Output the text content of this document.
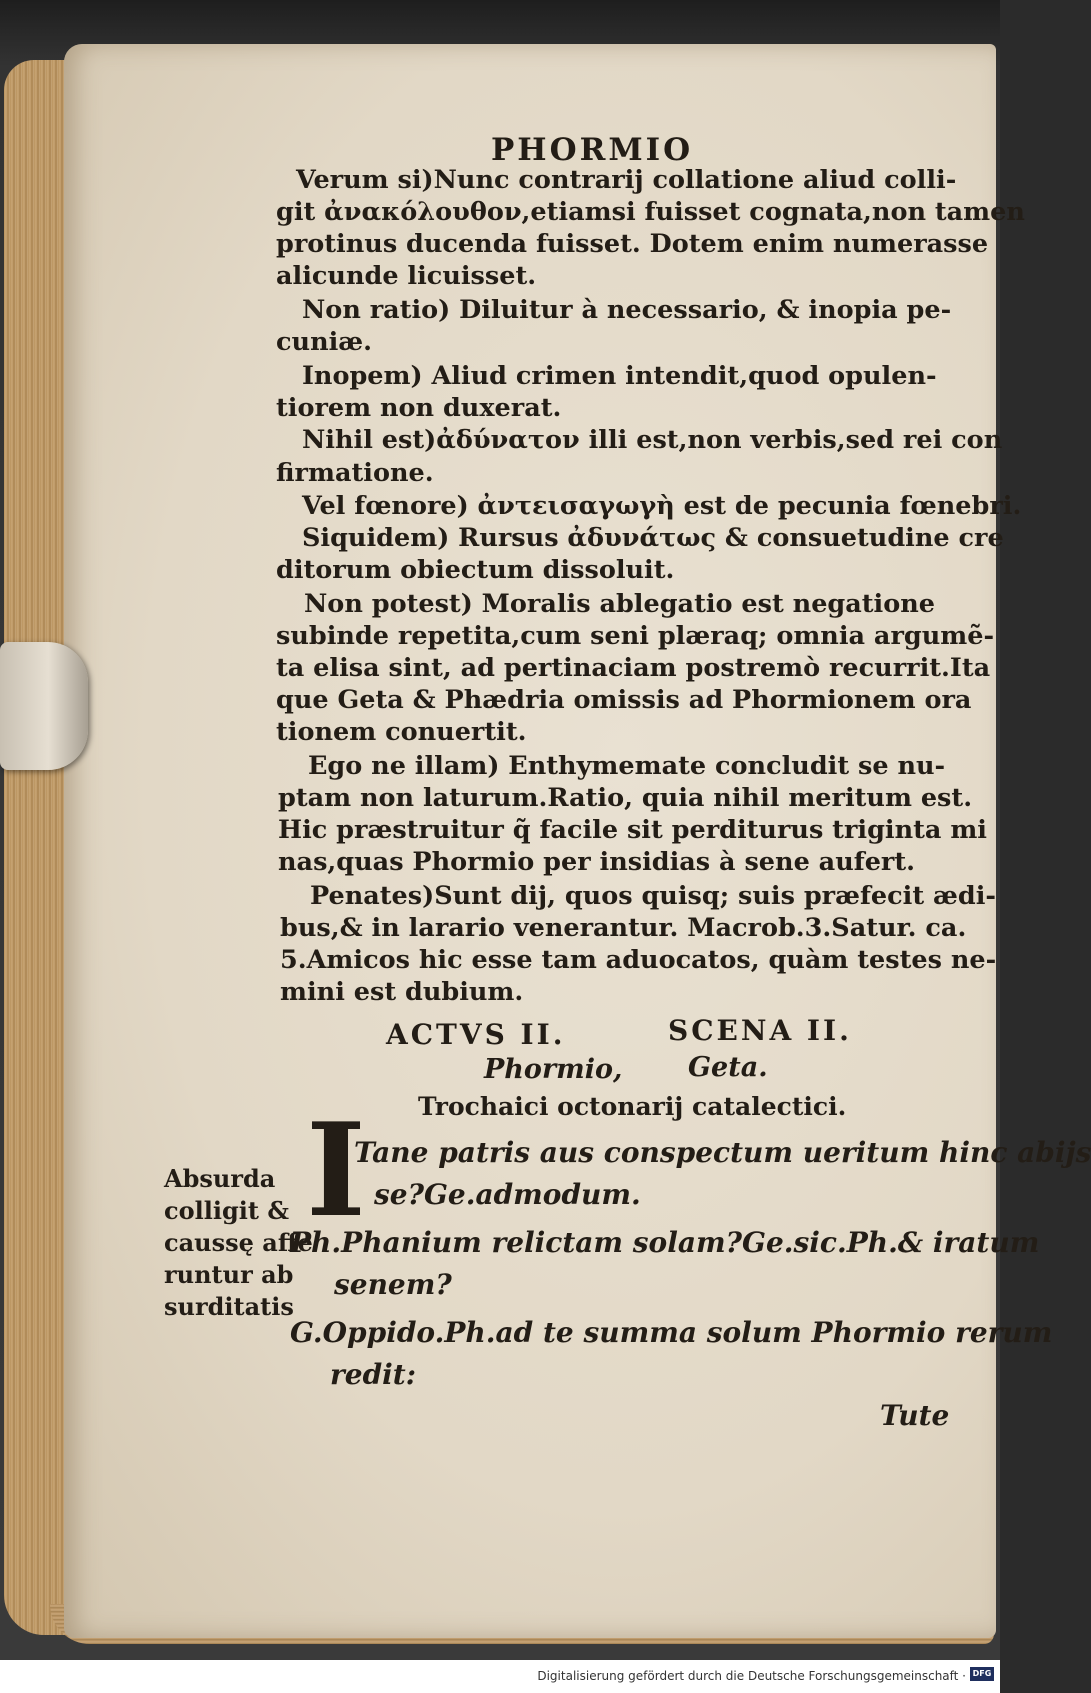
PHORMIO
Verum si)Nunc contrarij collatione aliud colli-
git ἀνακόλουθον,etiamsi fuisset cognata,non tamen
protinus ducenda fuisset. Dotem enim numerasse
alicunde licuisset.
Non ratio) Diluitur à necessario, & inopia pe-
cuniæ.
Inopem) Aliud crimen intendit,quod opulen-
tiorem non duxerat.
Nihil est)ἀδύνατον illi est,non verbis,sed rei con
firmatione.
Vel fœnore) ἀντεισαγωγὴ est de pecunia fœnebri.
Siquidem) Rursus ἀδυνάτως & consuetudine cre
ditorum obiectum dissoluit.
Non potest) Moralis ablegatio est negatione
subinde repetita,cum seni plæraq; omnia argumẽ-
ta elisa sint, ad pertinaciam postremò recurrit.Ita
que Geta & Phædria omissis ad Phormionem ora
tionem conuertit.
Ego ne illam) Enthymemate concludit se nu-
ptam non laturum.Ratio, quia nihil meritum est.
Hic præstruitur q̃ facile sit perditurus triginta mi
nas,quas Phormio per insidias à sene aufert.
Penates)Sunt dij, quos quisq; suis præfecit ædi-
bus,& in larario venerantur. Macrob.3.Satur. ca.
5.Amicos hic esse tam aduocatos, quàm testes ne-
mini est dubium.
ACTVS II.	SCENA II.
Phormio, Geta.
Trochaici octonarij catalectici.
I
Tane patris aus conspectum ueritum hinc abijs
se?Ge.admodum.
Ph.Phanium relictam solam?Ge.sic.Ph.& iratum
senem?
G.Oppido.Ph.ad te summa solum Phormio rerum
redit:
Absurda
colligit &
caussę affe
runtur ab
surditatis
Tute
Digitalisierung gefördert durch die Deutsche Forschungsgemeinschaft · DFG
